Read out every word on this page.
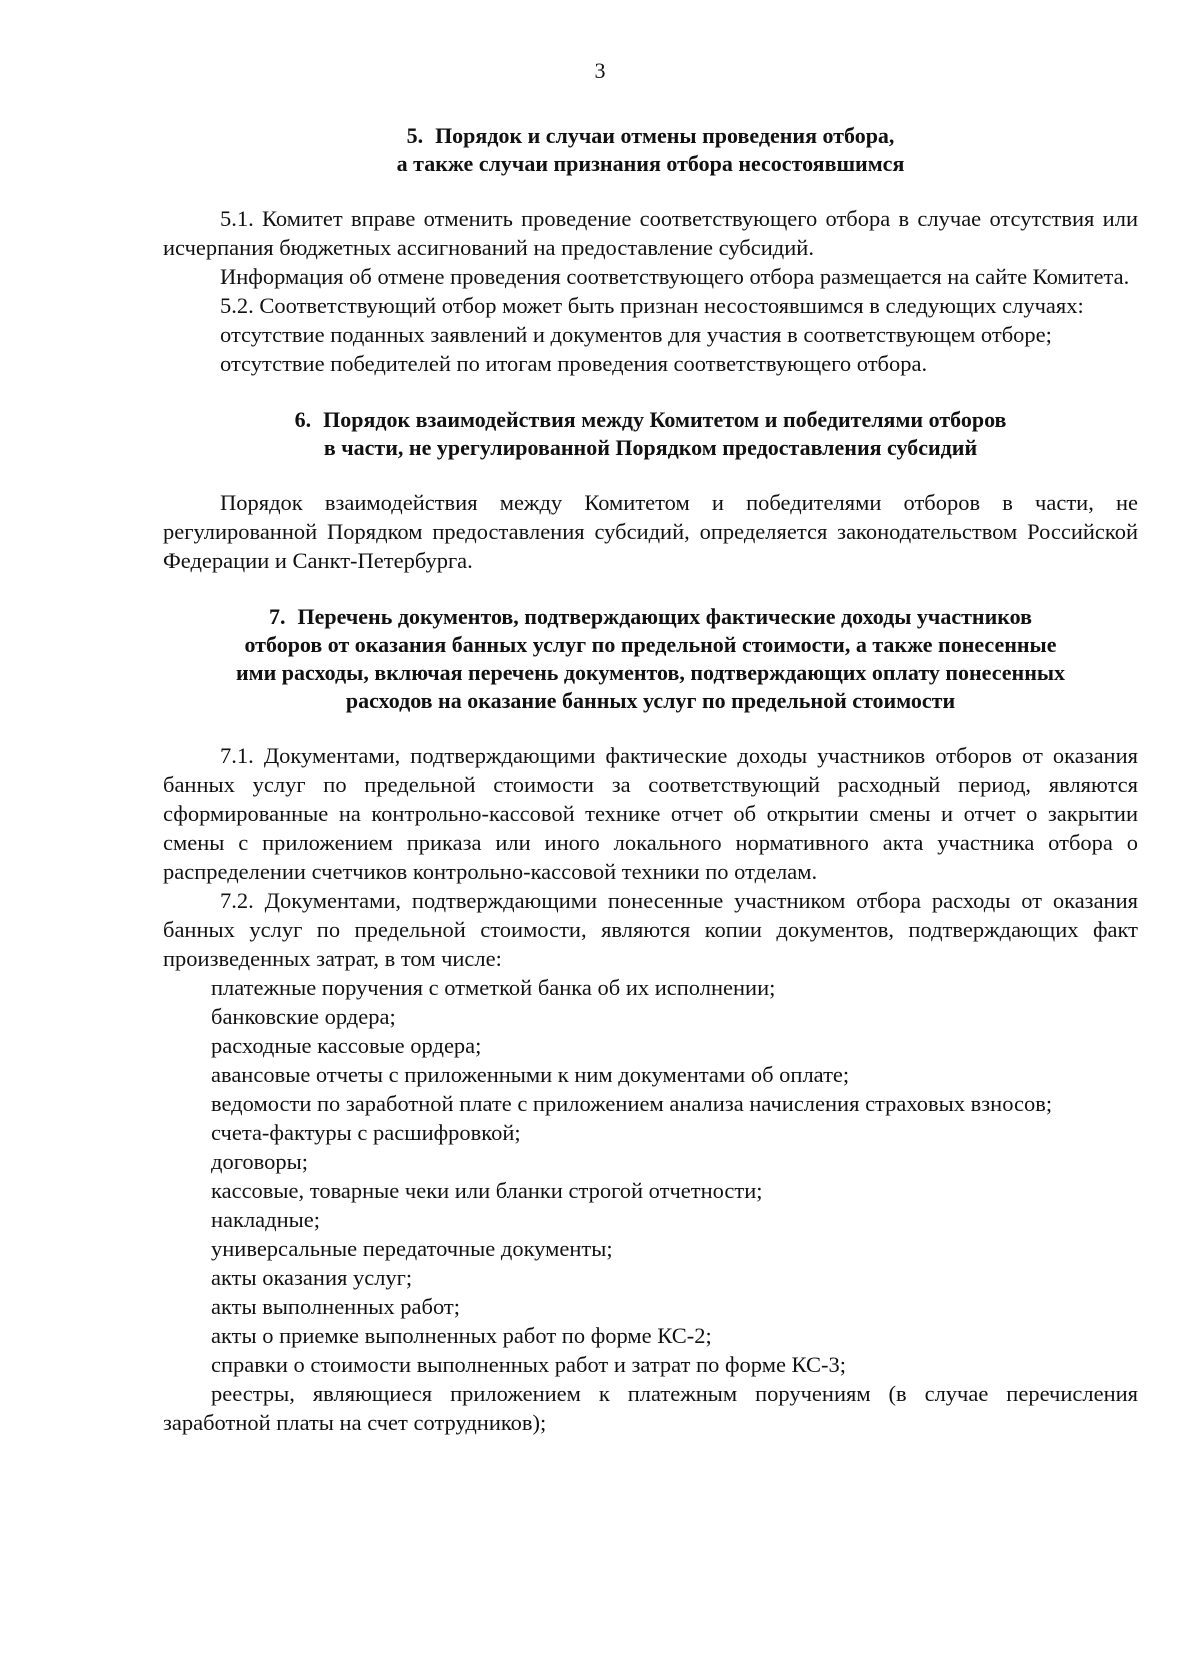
3
5. Порядок и случаи отмены проведения отбора,
а также случаи признания отбора несостоявшимся

5.1. Комитет вправе отменить проведение соответствующего отбора в случае отсутствия или исчерпания бюджетных ассигнований на предоставление субсидий.

Информация об отмене проведения соответствующего отбора размещается на сайте Комитета.

5.2. Соответствующий отбор может быть признан несостоявшимся в следующих случаях:

отсутствие поданных заявлений и документов для участия в соответствующем отборе;

отсутствие победителей по итогам проведения соответствующего отбора.

6. Порядок взаимодействия между Комитетом и победителями отборов
в части, не урегулированной Порядком предоставления субсидий

Порядок взаимодействия между Комитетом и победителями отборов в части, не регулированной Порядком предоставления субсидий, определяется законодательством Российской Федерации и Санкт-Петербурга.

7. Перечень документов, подтверждающих фактические доходы участников
отборов от оказания банных услуг по предельной стоимости, а также понесенные
ими расходы, включая перечень документов, подтверждающих оплату понесенных
расходов на оказание банных услуг по предельной стоимости

7.1. Документами, подтверждающими фактические доходы участников отборов от оказания банных услуг по предельной стоимости за соответствующий расходный период, являются сформированные на контрольно-кассовой технике отчет об открытии смены и отчет о закрытии смены с приложением приказа или иного локального нормативного акта участника отбора о распределении счетчиков контрольно-кассовой техники по отделам.

7.2. Документами, подтверждающими понесенные участником отбора расходы от оказания банных услуг по предельной стоимости, являются копии документов, подтверждающих факт произведенных затрат, в том числе:

платежные поручения с отметкой банка об их исполнении;

банковские ордера;

расходные кассовые ордера;

авансовые отчеты с приложенными к ним документами об оплате;

ведомости по заработной плате с приложением анализа начисления страховых взносов;

счета-фактуры с расшифровкой;

договоры;

кассовые, товарные чеки или бланки строгой отчетности;

накладные;

универсальные передаточные документы;

акты оказания услуг;

акты выполненных работ;

акты о приемке выполненных работ по форме КС-2;

справки о стоимости выполненных работ и затрат по форме КС-3;

реестры, являющиеся приложением к платежным поручениям (в случае перечисления заработной платы на счет сотрудников);
